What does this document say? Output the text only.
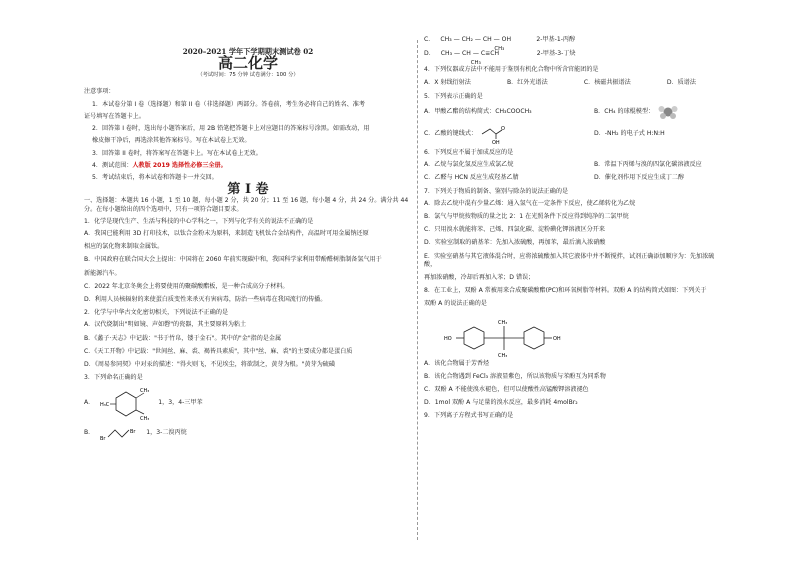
2020–2021 学年下学期期末测试卷 02
高二化学
（考试时间：75 分钟 试卷满分：100 分）
注意事项：
1．本试卷分第 I 卷（选择题）和第 II 卷（非选择题）两部分。答卷前，考生务必将自己的姓名、准考
证号填写在答题卡上。
2．回答第 I 卷时，选出每小题答案后，用 2B 铅笔把答题卡上对应题目的答案标号涂黑。如需改动，用
橡皮擦干净后，再选涂其他答案标号。写在本试卷上无效。
3．回答第 II 卷时，将答案写在答题卡上。写在本试卷上无效。
4．测试范围：人教版 2019 选择性必修三全册。
5．考试结束后，将本试卷和答题卡一并交回。
第 I 卷
一、选择题：本题共 16 小题，1 至 10 题，每小题 2 分，共 20 分；11 至 16 题，每小题 4 分，共 24 分。满分共 44 分。在每小题给出的四个选项中，只有一项符合题目要求。
1．化学是现代生产、生活与科技的中心学科之一，下列与化学有关的说法不正确的是
A．我国已能利用 3D 打印技术，以钛合金粉末为原料，来制造飞机钛合金结构件，高温时可用金属钠还原
相应的氯化物来制取金属钛。
B．中国政府在联合国大会上提出：中国将在 2060 年前实现碳中和，我国科学家利用带酚醛树脂制备氢气用于
新能源汽车。
C．2022 年北京冬奥会上将要使用的聚碳酸酯板，是一种合成高分子材料。
D．利用人员核辐射的来使蛋白质变性来杀灭有害病毒，防治一些病毒在我国流行的传播。
2．化学与中华古文化密切相关，下列说法不正确的是
A．汉代烧制出"明如镜、声如磬"的瓷器，其主要原料为粘土
B．《蠡子·天志》中记载："书于竹帛，镂于金石"。其中的"金"指的是金属
C．《天工开物》中记载："世间丝、麻、裘、褐皆具素质"，其中"丝、麻、裘"的主要成分都是蛋白质
D．《周易参同契》中对汞的描述："得火则飞，不见埃尘，将欲制之，黄芽为根。"黄芽为硫磺
3．下列命名正确的是
A．
CH₃
CH₃
H₃C	1，3，4-三甲苯
B．
Br
Br 1，3-二溴丙烷
C． CH₃ — CH₂ — CH — OH
CH₃
2-甲基-1-丙醇
D． CH₃ — CH — C≡CH
CH₃
2-甲基-3-丁炔
4．下列仪器或方法中不能用于鉴别有机化合物中所含官能团的是
A．X 射线衍射法	B．红外光谱法	C．核磁共振谱法	D．质谱法
5．下列表示正确的是
A．甲酸乙酯的结构简式：CH₃COOCH₃	B．CH₄ 的球棍模型：
C．乙酸的键线式：
OH
O
D．-NH₂ 的电子式 H:N:H
6．下列反应不属于加成反应的是
A．乙烷与氯化氢反应生成氯乙烷	B．常温下丙烯与溴的四氯化碳溶液反应
C．乙醛与 HCN 反应生成羟基乙腈	D．催化剂作用下反应生成丁二醇
7．下列关于物质的制备、鉴别与除杂的说法正确的是
A．除去乙烷中混有少量乙烯：通入氢气在一定条件下反应，使乙烯转化为乙烷
B．氯气与甲烷按物质的量之比 2：1 在光照条件下反应得到纯净的二氯甲烷
C．只用溴水就能将苯、己烯、四氯化碳、淀粉碘化钾溶液区分开来
D．实验室制取的硝基苯：先加入浓硫酸，再加苯，最后滴入浓硝酸
E．实验室硝基与其它液体混合时，应将浓硫酸加入其它液体中并不断搅拌，试剂正确添加顺序为：先加浓硫酸，
再加浓硝酸，冷却后再加入苯；D 错误；
8．在工业上，双酚 A 常被用来合成聚碳酸酯(PC)和环氧树脂等材料。双酚 A 的结构简式如图：下列关于
双酚 A 的说法正确的是
CH₃
CH₃
HO	OH
A．该化合物属于芳香烃
B．该化合物遇到 FeCl₃ 溶液显紫色，所以该物质与苯酚互为同系物
C．双酚 A 不能使溴水褪色，但可以使酸性高锰酸钾溶液褪色
D．1mol 双酚 A 与足量的溴水反应，最多消耗 4molBr₂
9．下列离子方程式书写正确的是
